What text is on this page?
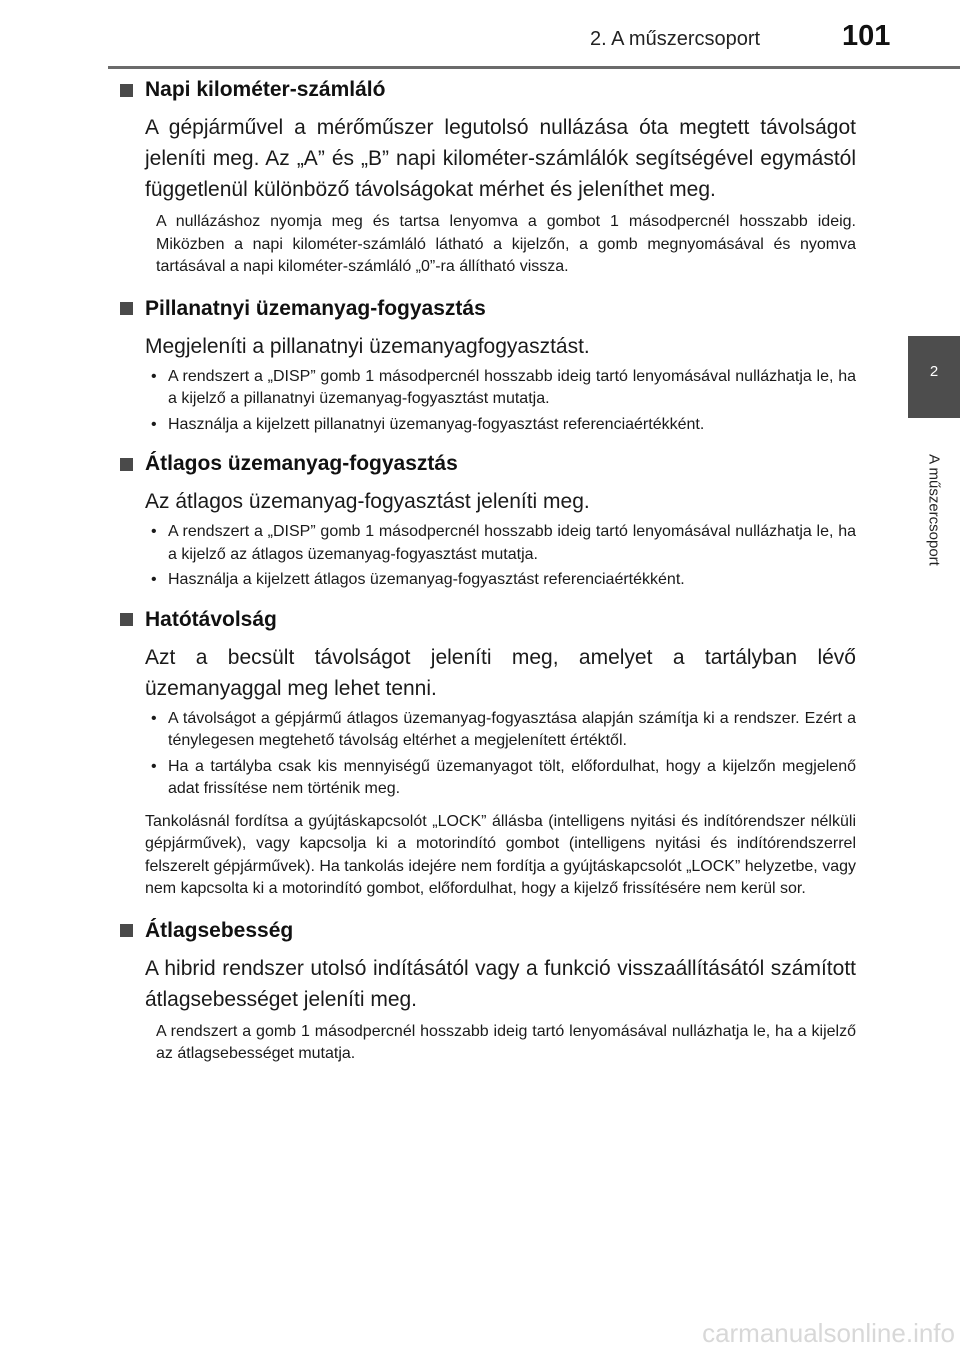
2. A műszercsoport	101
2
A műszercsoport
Napi kilométer-számláló

A gépjárművel a mérőműszer legutolsó nullázása óta megtett távolságot jeleníti meg. Az „A” és „B” napi kilométer-számlálók segítségével egymástól függetlenül különböző távolságokat mérhet és jeleníthet meg.

A nullázáshoz nyomja meg és tartsa lenyomva a gombot 1 másodpercnél hosszabb ideig. Miközben a napi kilométer-számláló látható a kijelzőn, a gomb megnyomásával és nyomva tartásával a napi kilométer-számláló „0”-ra állítható vissza.

Pillanatnyi üzemanyag-fogyasztás

Megjeleníti a pillanatnyi üzemanyagfogyasztást.

• A rendszert a „DISP” gomb 1 másodpercnél hosszabb ideig tartó lenyomásával nullázhatja le, ha a kijelző a pillanatnyi üzemanyag-fogyasztást mutatja.
• Használja a kijelzett pillanatnyi üzemanyag-fogyasztást referenciaértékként.
Átlagos üzemanyag-fogyasztás

Az átlagos üzemanyag-fogyasztást jeleníti meg.

• A rendszert a „DISP” gomb 1 másodpercnél hosszabb ideig tartó lenyomásával nullázhatja le, ha a kijelző az átlagos üzemanyag-fogyasztást mutatja.
• Használja a kijelzett átlagos üzemanyag-fogyasztást referenciaértékként.
Hatótávolság

Azt a becsült távolságot jeleníti meg, amelyet a tartályban lévő üzemanyaggal meg lehet tenni.

• A távolságot a gépjármű átlagos üzemanyag-fogyasztása alapján számítja ki a rendszer. Ezért a ténylegesen megtehető távolság eltérhet a megjelenített értéktől.
• Ha a tartályba csak kis mennyiségű üzemanyagot tölt, előfordulhat, hogy a kijelzőn megjelenő adat frissítése nem történik meg.

Tankolásnál fordítsa a gyújtáskapcsolót „LOCK” állásba (intelligens nyitási és indítórendszer nélküli gépjárművek), vagy kapcsolja ki a motorindító gombot (intelligens nyitási és indítórendszerrel felszerelt gépjárművek). Ha tankolás idejére nem fordítja a gyújtáskapcsolót „LOCK” helyzetbe, vagy nem kapcsolta ki a motorindító gombot, előfordulhat, hogy a kijelző frissítésére nem kerül sor.

Átlagsebesség

A hibrid rendszer utolsó indításától vagy a funkció visszaállításától számított átlagsebességet jeleníti meg.

A rendszert a gomb 1 másodpercnél hosszabb ideig tartó lenyomásával nullázhatja le, ha a kijelző az átlagsebességet mutatja.

carmanualsonline.info
